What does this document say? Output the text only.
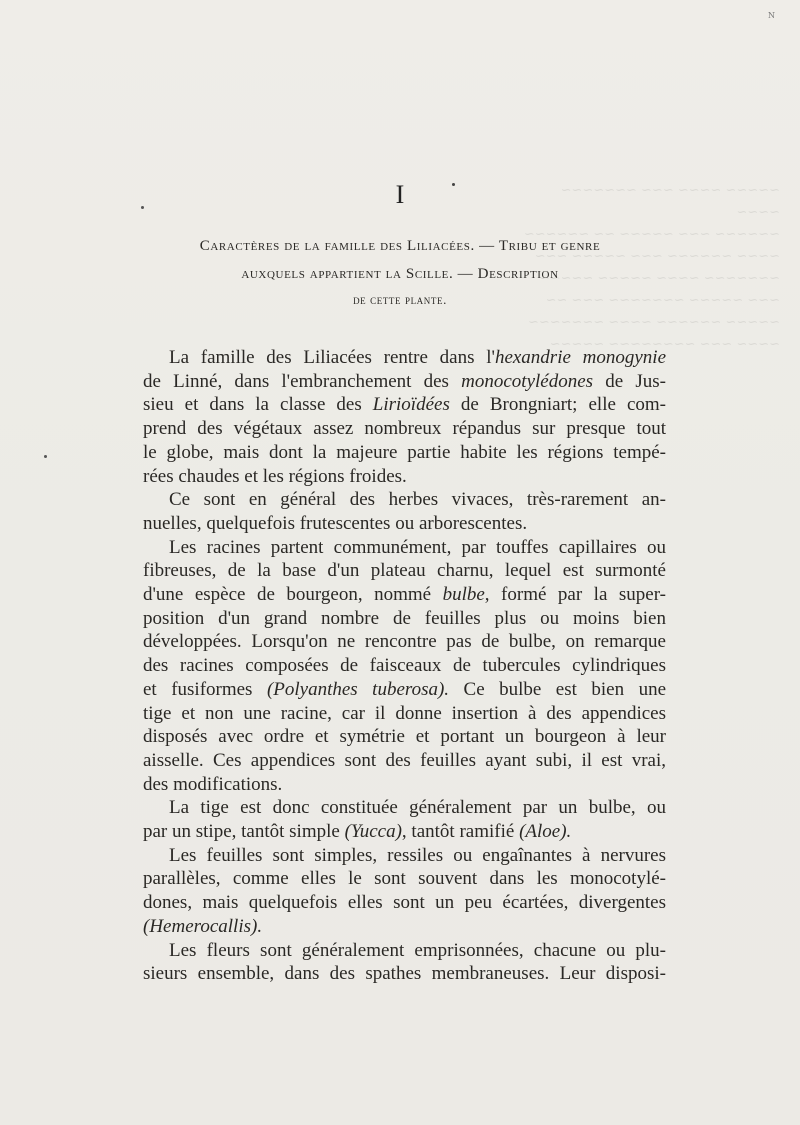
~~~~~ ~~~~ ~~~ ~~~~~~~ ~~~~
~~~~~~ ~~~ ~~~~~ ~~ ~~~~~~
~~~~ ~~~~~~ ~~~ ~~~~~ ~~~
~~~~~~~ ~~~~ ~~~~~ ~~~~~
~~~ ~~~~~ ~~~~~~~ ~~~ ~~
~~~~~ ~~~~~~ ~~~~ ~~~~~~~
~~~~ ~~~ ~~~~~~~~ ~~~~~
N
I
Caractères de la famille des Liliacées. — Tribu et genre
auxquels appartient la Scille. — Description
de cette plante.
La famille des Liliacées rentre dans l'hexandrie monogynie
de Linné, dans l'embranchement des monocotylédones de Jus-
sieu et dans la classe des Lirioïdées de Brongniart; elle com-
prend des végétaux assez nombreux répandus sur presque tout
le globe, mais dont la majeure partie habite les régions tempé-
rées chaudes et les régions froides.
Ce sont en général des herbes vivaces, très-rarement an-
nuelles, quelquefois frutescentes ou arborescentes.
Les racines partent communément, par touffes capillaires ou
fibreuses, de la base d'un plateau charnu, lequel est surmonté
d'une espèce de bourgeon, nommé bulbe, formé par la super-
position d'un grand nombre de feuilles plus ou moins bien
développées. Lorsqu'on ne rencontre pas de bulbe, on remarque
des racines composées de faisceaux de tubercules cylindriques
et fusiformes (Polyanthes tuberosa). Ce bulbe est bien une
tige et non une racine, car il donne insertion à des appendices
disposés avec ordre et symétrie et portant un bourgeon à leur
aisselle. Ces appendices sont des feuilles ayant subi, il est vrai,
des modifications.
La tige est donc constituée généralement par un bulbe, ou
par un stipe, tantôt simple (Yucca), tantôt ramifié (Aloe).
Les feuilles sont simples, ressiles ou engaînantes à nervures
parallèles, comme elles le sont souvent dans les monocotylé-
dones, mais quelquefois elles sont un peu écartées, divergentes
(Hemerocallis).
Les fleurs sont généralement emprisonnées, chacune ou plu-
sieurs ensemble, dans des spathes membraneuses. Leur disposi-
